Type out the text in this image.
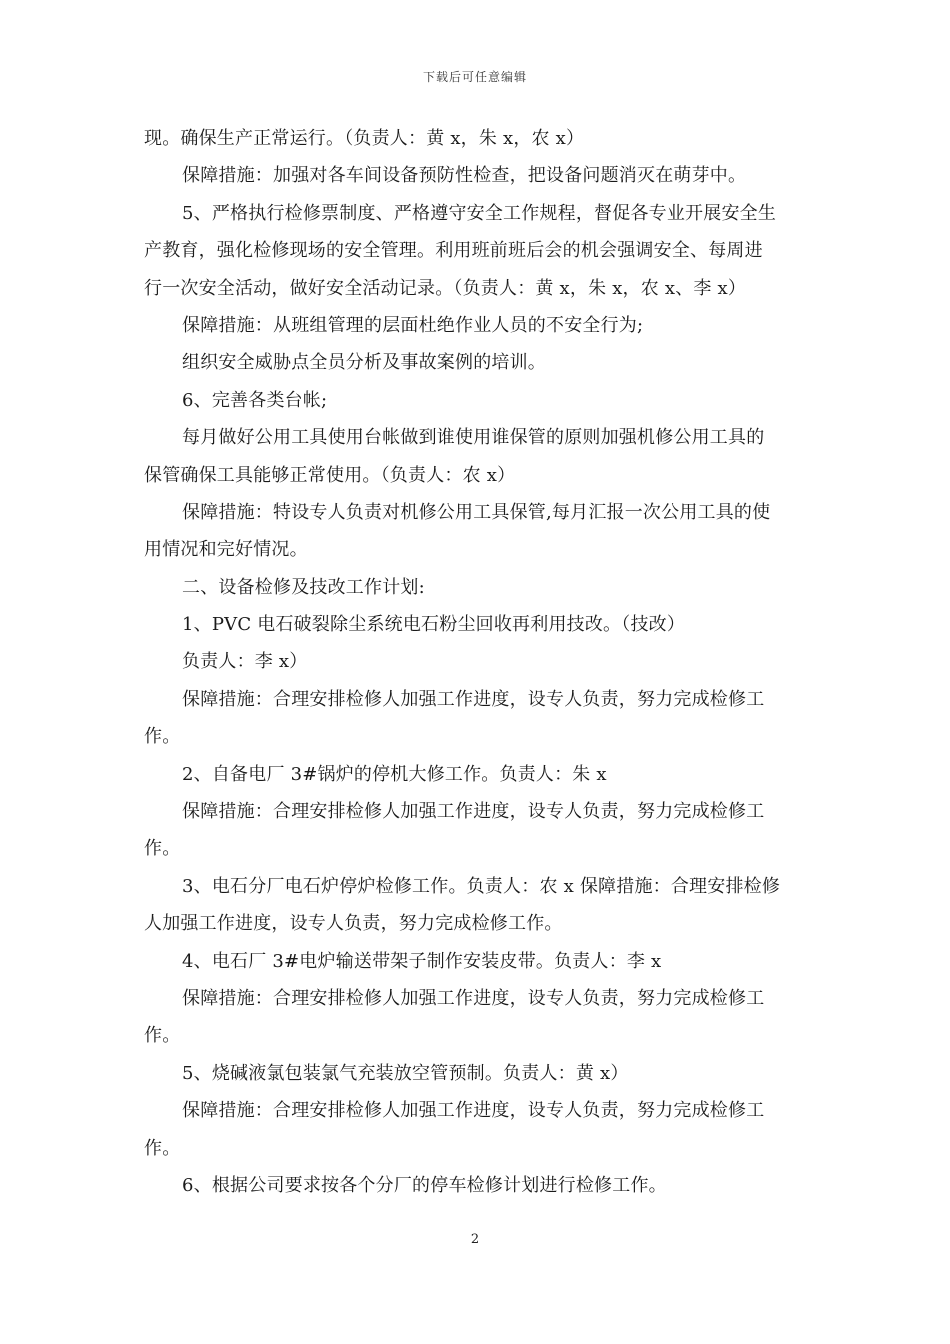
下载后可任意编辑
现。确保生产正常运行。（负责人：黄 x，朱 x，农 x）
保障措施：加强对各车间设备预防性检查，把设备问题消灭在萌芽中。
5、严格执行检修票制度、严格遵守安全工作规程，督促各专业开展安全生
产教育，强化检修现场的安全管理。利用班前班后会的机会强调安全、每周进
行一次安全活动，做好安全活动记录。（负责人：黄 x，朱 x，农 x、李 x）
保障措施：从班组管理的层面杜绝作业人员的不安全行为;
组织安全威胁点全员分析及事故案例的培训。
6、完善各类台帐;
每月做好公用工具使用台帐做到谁使用谁保管的原则加强机修公用工具的
保管确保工具能够正常使用。（负责人：农 x）
保障措施：特设专人负责对机修公用工具保管,每月汇报一次公用工具的使
用情况和完好情况。
二、设备检修及技改工作计划:
1、PVC 电石破裂除尘系统电石粉尘回收再利用技改。（技改）
负责人：李 x）
保障措施：合理安排检修人加强工作进度，设专人负责，努力完成检修工
作。
2、自备电厂 3#锅炉的停机大修工作。负责人：朱 x
保障措施：合理安排检修人加强工作进度，设专人负责，努力完成检修工
作。
3、电石分厂电石炉停炉检修工作。负责人：农 x 保障措施：合理安排检修
人加强工作进度，设专人负责，努力完成检修工作。
4、电石厂 3#电炉输送带架子制作安装皮带。负责人：李 x
保障措施：合理安排检修人加强工作进度，设专人负责，努力完成检修工
作。
5、烧碱液氯包装氯气充装放空管预制。负责人：黄 x）
保障措施：合理安排检修人加强工作进度，设专人负责，努力完成检修工
作。
6、根据公司要求按各个分厂的停车检修计划进行检修工作。
2
